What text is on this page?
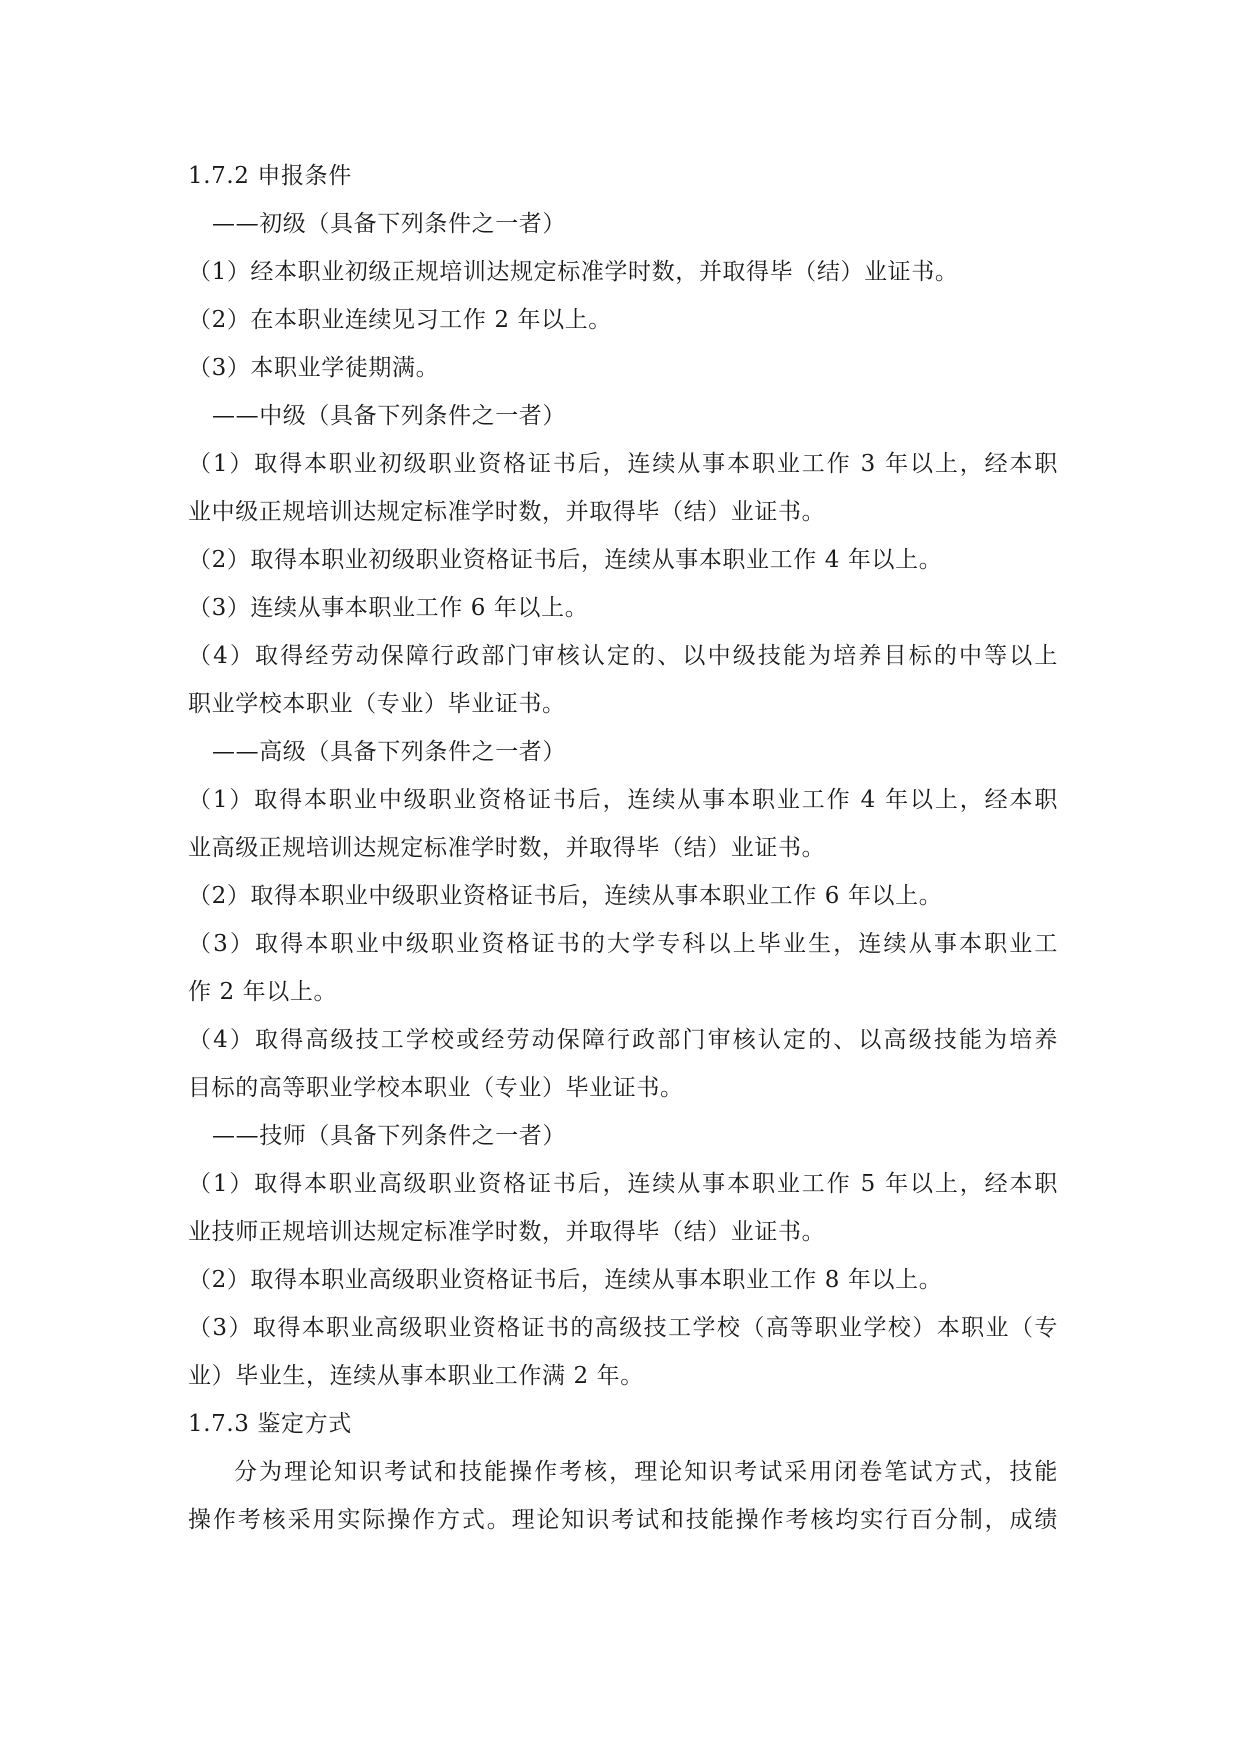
1.7.2 申报条件
——初级（具备下列条件之一者）
（1）经本职业初级正规培训达规定标准学时数，并取得毕（结）业证书。
（2）在本职业连续见习工作 2 年以上。
（3）本职业学徒期满。
——中级（具备下列条件之一者）
（1）取得本职业初级职业资格证书后，连续从事本职业工作 3 年以上，经本职
业中级正规培训达规定标准学时数，并取得毕（结）业证书。
（2）取得本职业初级职业资格证书后，连续从事本职业工作 4 年以上。
（3）连续从事本职业工作 6 年以上。
（4）取得经劳动保障行政部门审核认定的、以中级技能为培养目标的中等以上
职业学校本职业（专业）毕业证书。
——高级（具备下列条件之一者）
（1）取得本职业中级职业资格证书后，连续从事本职业工作 4 年以上，经本职
业高级正规培训达规定标准学时数，并取得毕（结）业证书。
（2）取得本职业中级职业资格证书后，连续从事本职业工作 6 年以上。
（3）取得本职业中级职业资格证书的大学专科以上毕业生，连续从事本职业工
作 2 年以上。
（4）取得高级技工学校或经劳动保障行政部门审核认定的、以高级技能为培养
目标的高等职业学校本职业（专业）毕业证书。
——技师（具备下列条件之一者）
（1）取得本职业高级职业资格证书后，连续从事本职业工作 5 年以上，经本职
业技师正规培训达规定标准学时数，并取得毕（结）业证书。
（2）取得本职业高级职业资格证书后，连续从事本职业工作 8 年以上。
（3）取得本职业高级职业资格证书的高级技工学校（高等职业学校）本职业（专
业）毕业生，连续从事本职业工作满 2 年。
1.7.3 鉴定方式
分为理论知识考试和技能操作考核，理论知识考试采用闭卷笔试方式，技能
操作考核采用实际操作方式。理论知识考试和技能操作考核均实行百分制，成绩
